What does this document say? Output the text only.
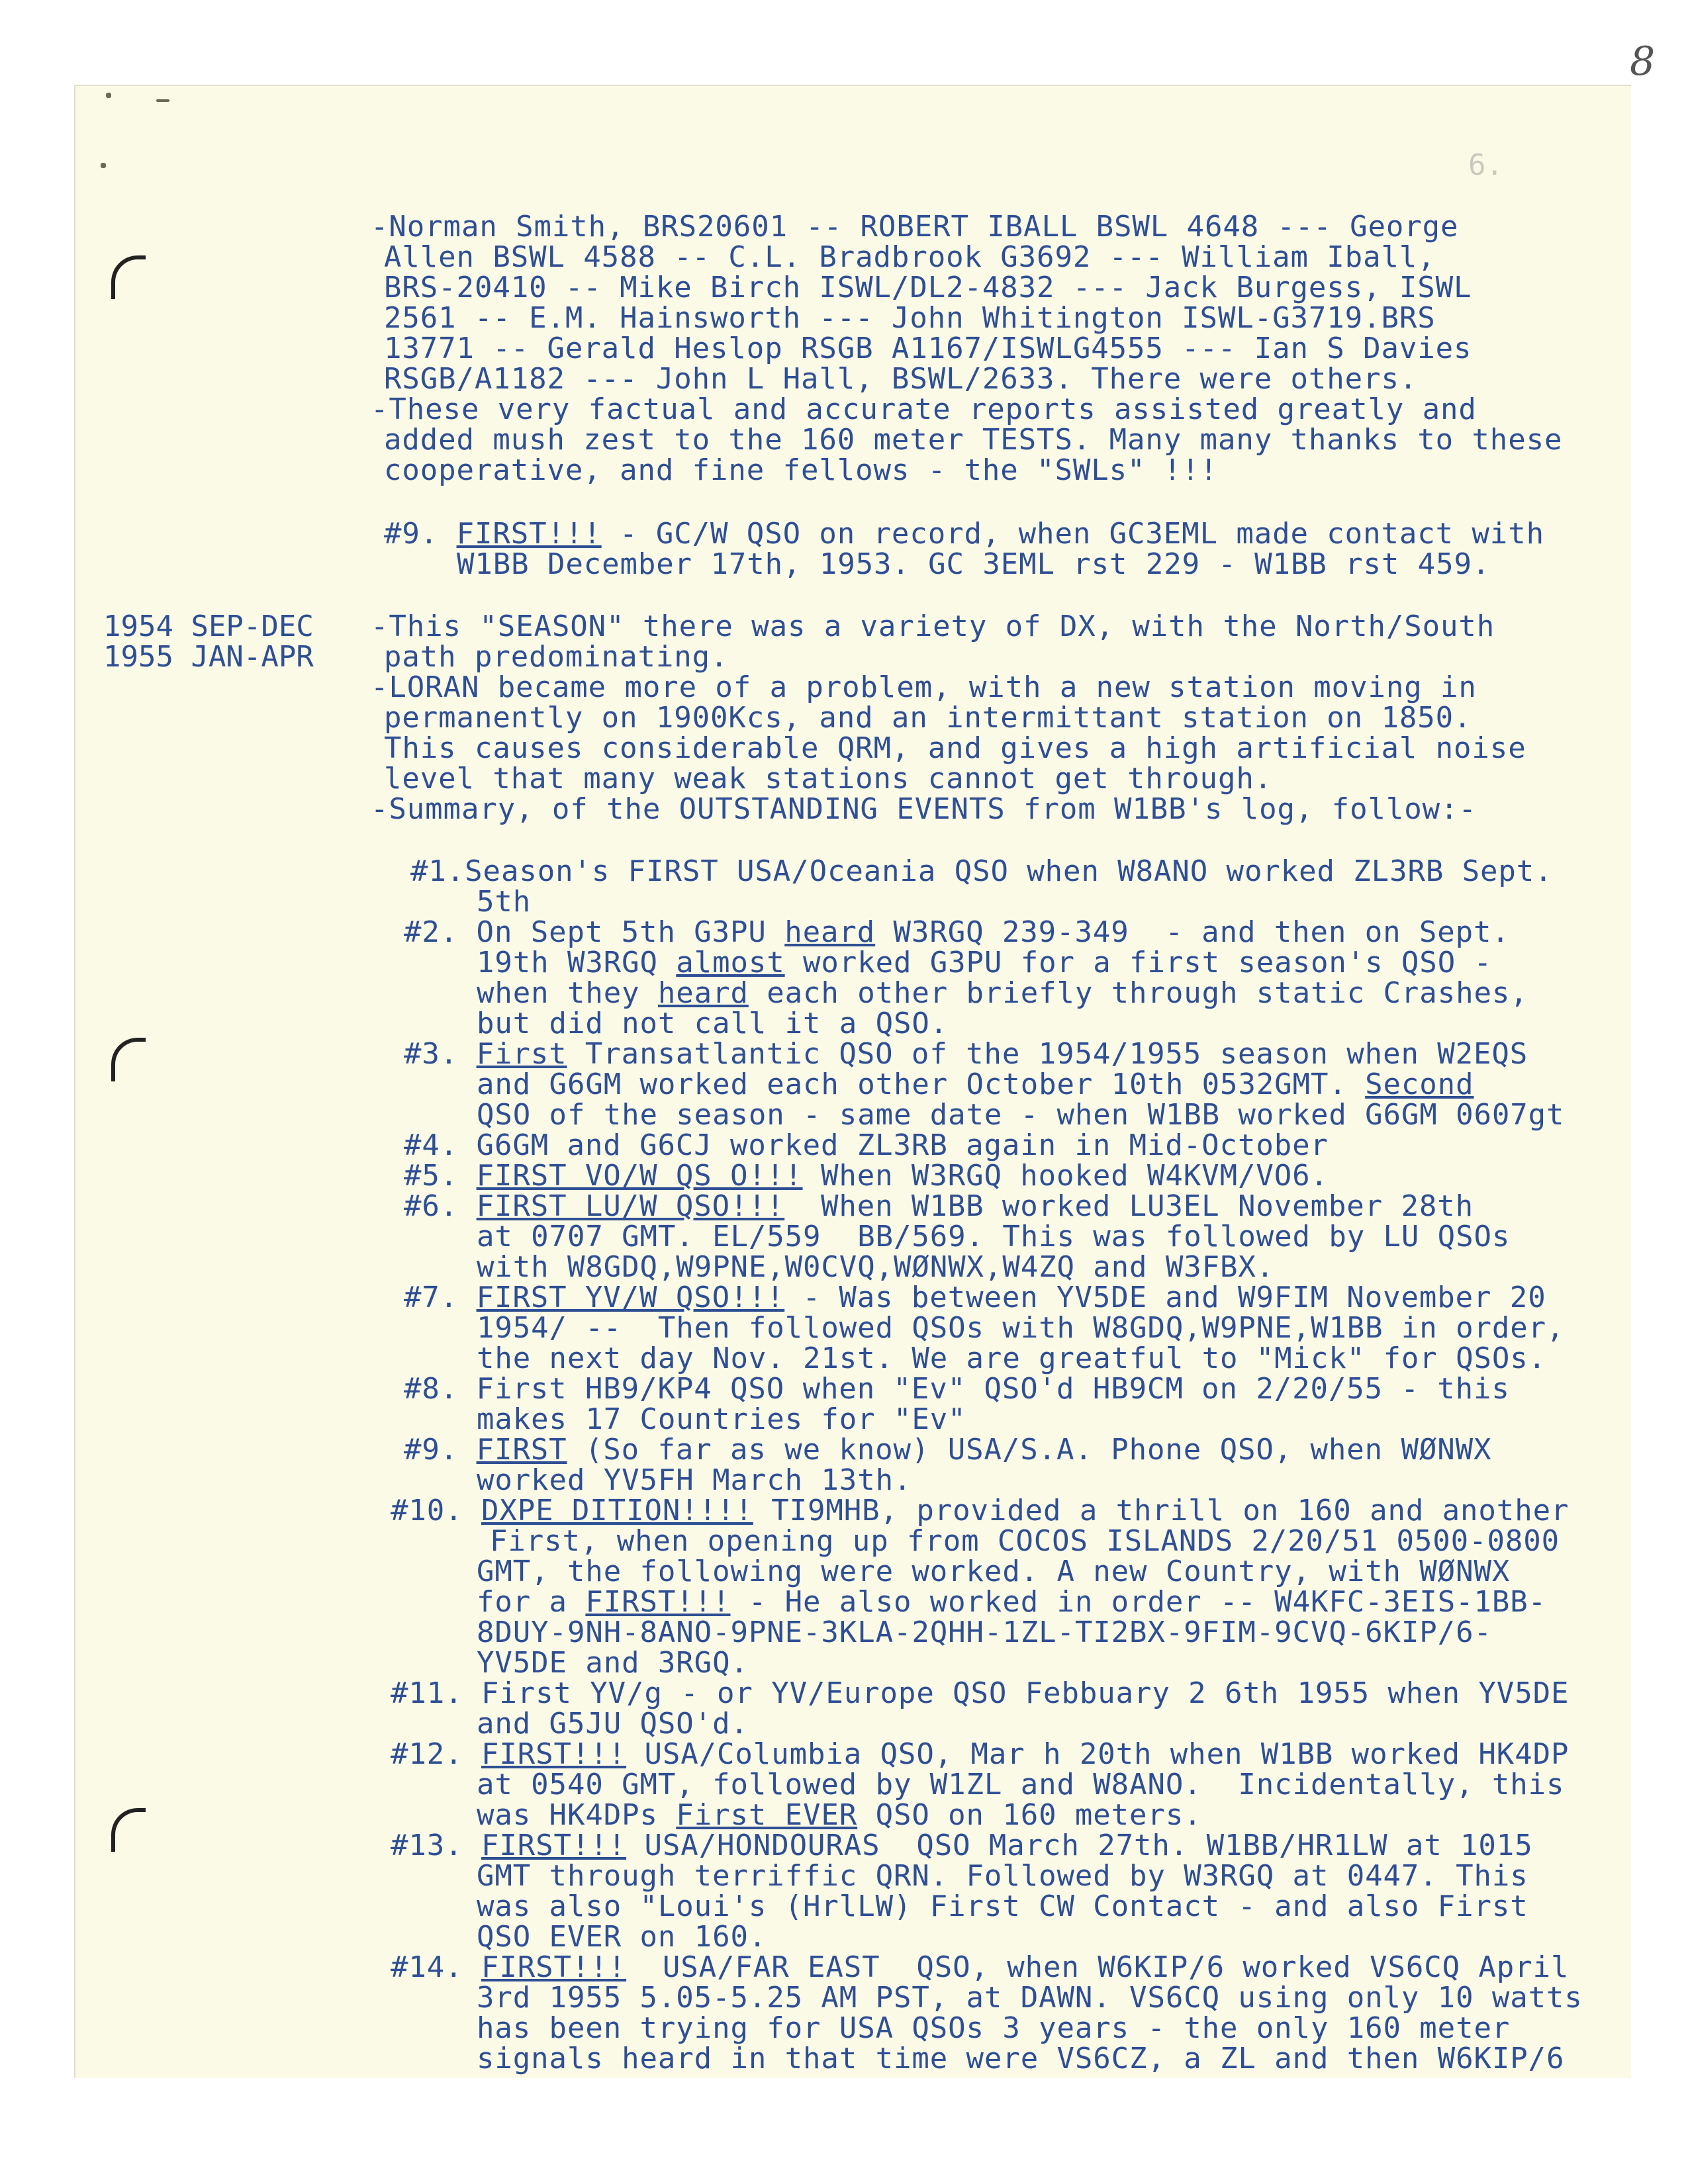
8
6.
1954 SEP-DEC
1955 JAN-APR
-Norman Smith, BRS20601 -- ROBERT IBALL BSWL 4648 --- George
Allen BSWL 4588 -- C.L. Bradbrook G3692 --- William Iball,
BRS-20410 -- Mike Birch ISWL/DL2-4832 --- Jack Burgess, ISWL
2561 -- E.M. Hainsworth --- John Whitington ISWL-G3719.BRS
13771 -- Gerald Heslop RSGB A1167/ISWLG4555 --- Ian S Davies
RSGB/A1182 --- John L Hall, BSWL/2633. There were others.
-These very factual and accurate reports assisted greatly and
added mush zest to the 160 meter TESTS. Many many thanks to these
cooperative, and fine fellows - the "SWLs" !!!
#9. FIRST!!! - GC/W QSO on record, when GC3EML made contact with
W1BB December 17th, 1953. GC 3EML rst 229 - W1BB rst 459.
-This "SEASON" there was a variety of DX, with the North/South
path predominating.
-LORAN became more of a problem, with a new station moving in
permanently on 1900Kcs, and an intermittant station on 1850.
This causes considerable QRM, and gives a high artificial noise
level that many weak stations cannot get through.
-Summary, of the OUTSTANDING EVENTS from W1BB's log, follow:-
#1.Season's FIRST USA/Oceania QSO when W8ANO worked ZL3RB Sept.
5th
#2. On Sept 5th G3PU heard W3RGQ 239-349  - and then on Sept.
19th W3RGQ almost worked G3PU for a first season's QSO -
when they heard each other briefly through static Crashes,
but did not call it a QSO.
#3. First Transatlantic QSO of the 1954/1955 season when W2EQS
and G6GM worked each other October 10th 0532GMT. Second
QSO of the season - same date - when W1BB worked G6GM 0607gt
#4. G6GM and G6CJ worked ZL3RB again in Mid-October
#5. FIRST VO/W QS O!!! When W3RGQ hooked W4KVM/VO6.
#6. FIRST LU/W QSO!!!  When W1BB worked LU3EL November 28th
at 0707 GMT. EL/559  BB/569. This was followed by LU QSOs
with W8GDQ,W9PNE,W0CVQ,WØNWX,W4ZQ and W3FBX.
#7. FIRST YV/W QSO!!! - Was between YV5DE and W9FIM November 20
1954/ --  Then followed QSOs with W8GDQ,W9PNE,W1BB in order,
the next day Nov. 21st. We are greatful to "Mick" for QSOs.
#8. First HB9/KP4 QSO when "Ev" QSO'd HB9CM on 2/20/55 - this
makes 17 Countries for "Ev"
#9. FIRST (So far as we know) USA/S.A. Phone QSO, when WØNWX
worked YV5FH March 13th.
#10. DXPE DITION!!!! TI9MHB, provided a thrill on 160 and another
First, when opening up from COCOS ISLANDS 2/20/51 0500-0800
GMT, the following were worked. A new Country, with WØNWX
for a FIRST!!! - He also worked in order -- W4KFC-3EIS-1BB-
8DUY-9NH-8ANO-9PNE-3KLA-2QHH-1ZL-TI2BX-9FIM-9CVQ-6KIP/6-
YV5DE and 3RGQ.
#11. First YV/g - or YV/Europe QSO Febbuary 2 6th 1955 when YV5DE
and G5JU QSO'd.
#12. FIRST!!! USA/Columbia QSO, Mar h 20th when W1BB worked HK4DP
at 0540 GMT, followed by W1ZL and W8ANO.  Incidentally, this
was HK4DPs First EVER QSO on 160 meters.
#13. FIRST!!! USA/HONDOURAS  QSO March 27th. W1BB/HR1LW at 1015
GMT through terriffic QRN. Followed by W3RGQ at 0447. This
was also "Loui's (HrlLW) First CW Contact - and also First
QSO EVER on 160.
#14. FIRST!!!  USA/FAR EAST  QSO, when W6KIP/6 worked VS6CQ April
3rd 1955 5.05-5.25 AM PST, at DAWN. VS6CQ using only 10 watts
has been trying for USA QSOs 3 years - the only 160 meter
signals heard in that time were VS6CZ, a ZL and then W6KIP/6
